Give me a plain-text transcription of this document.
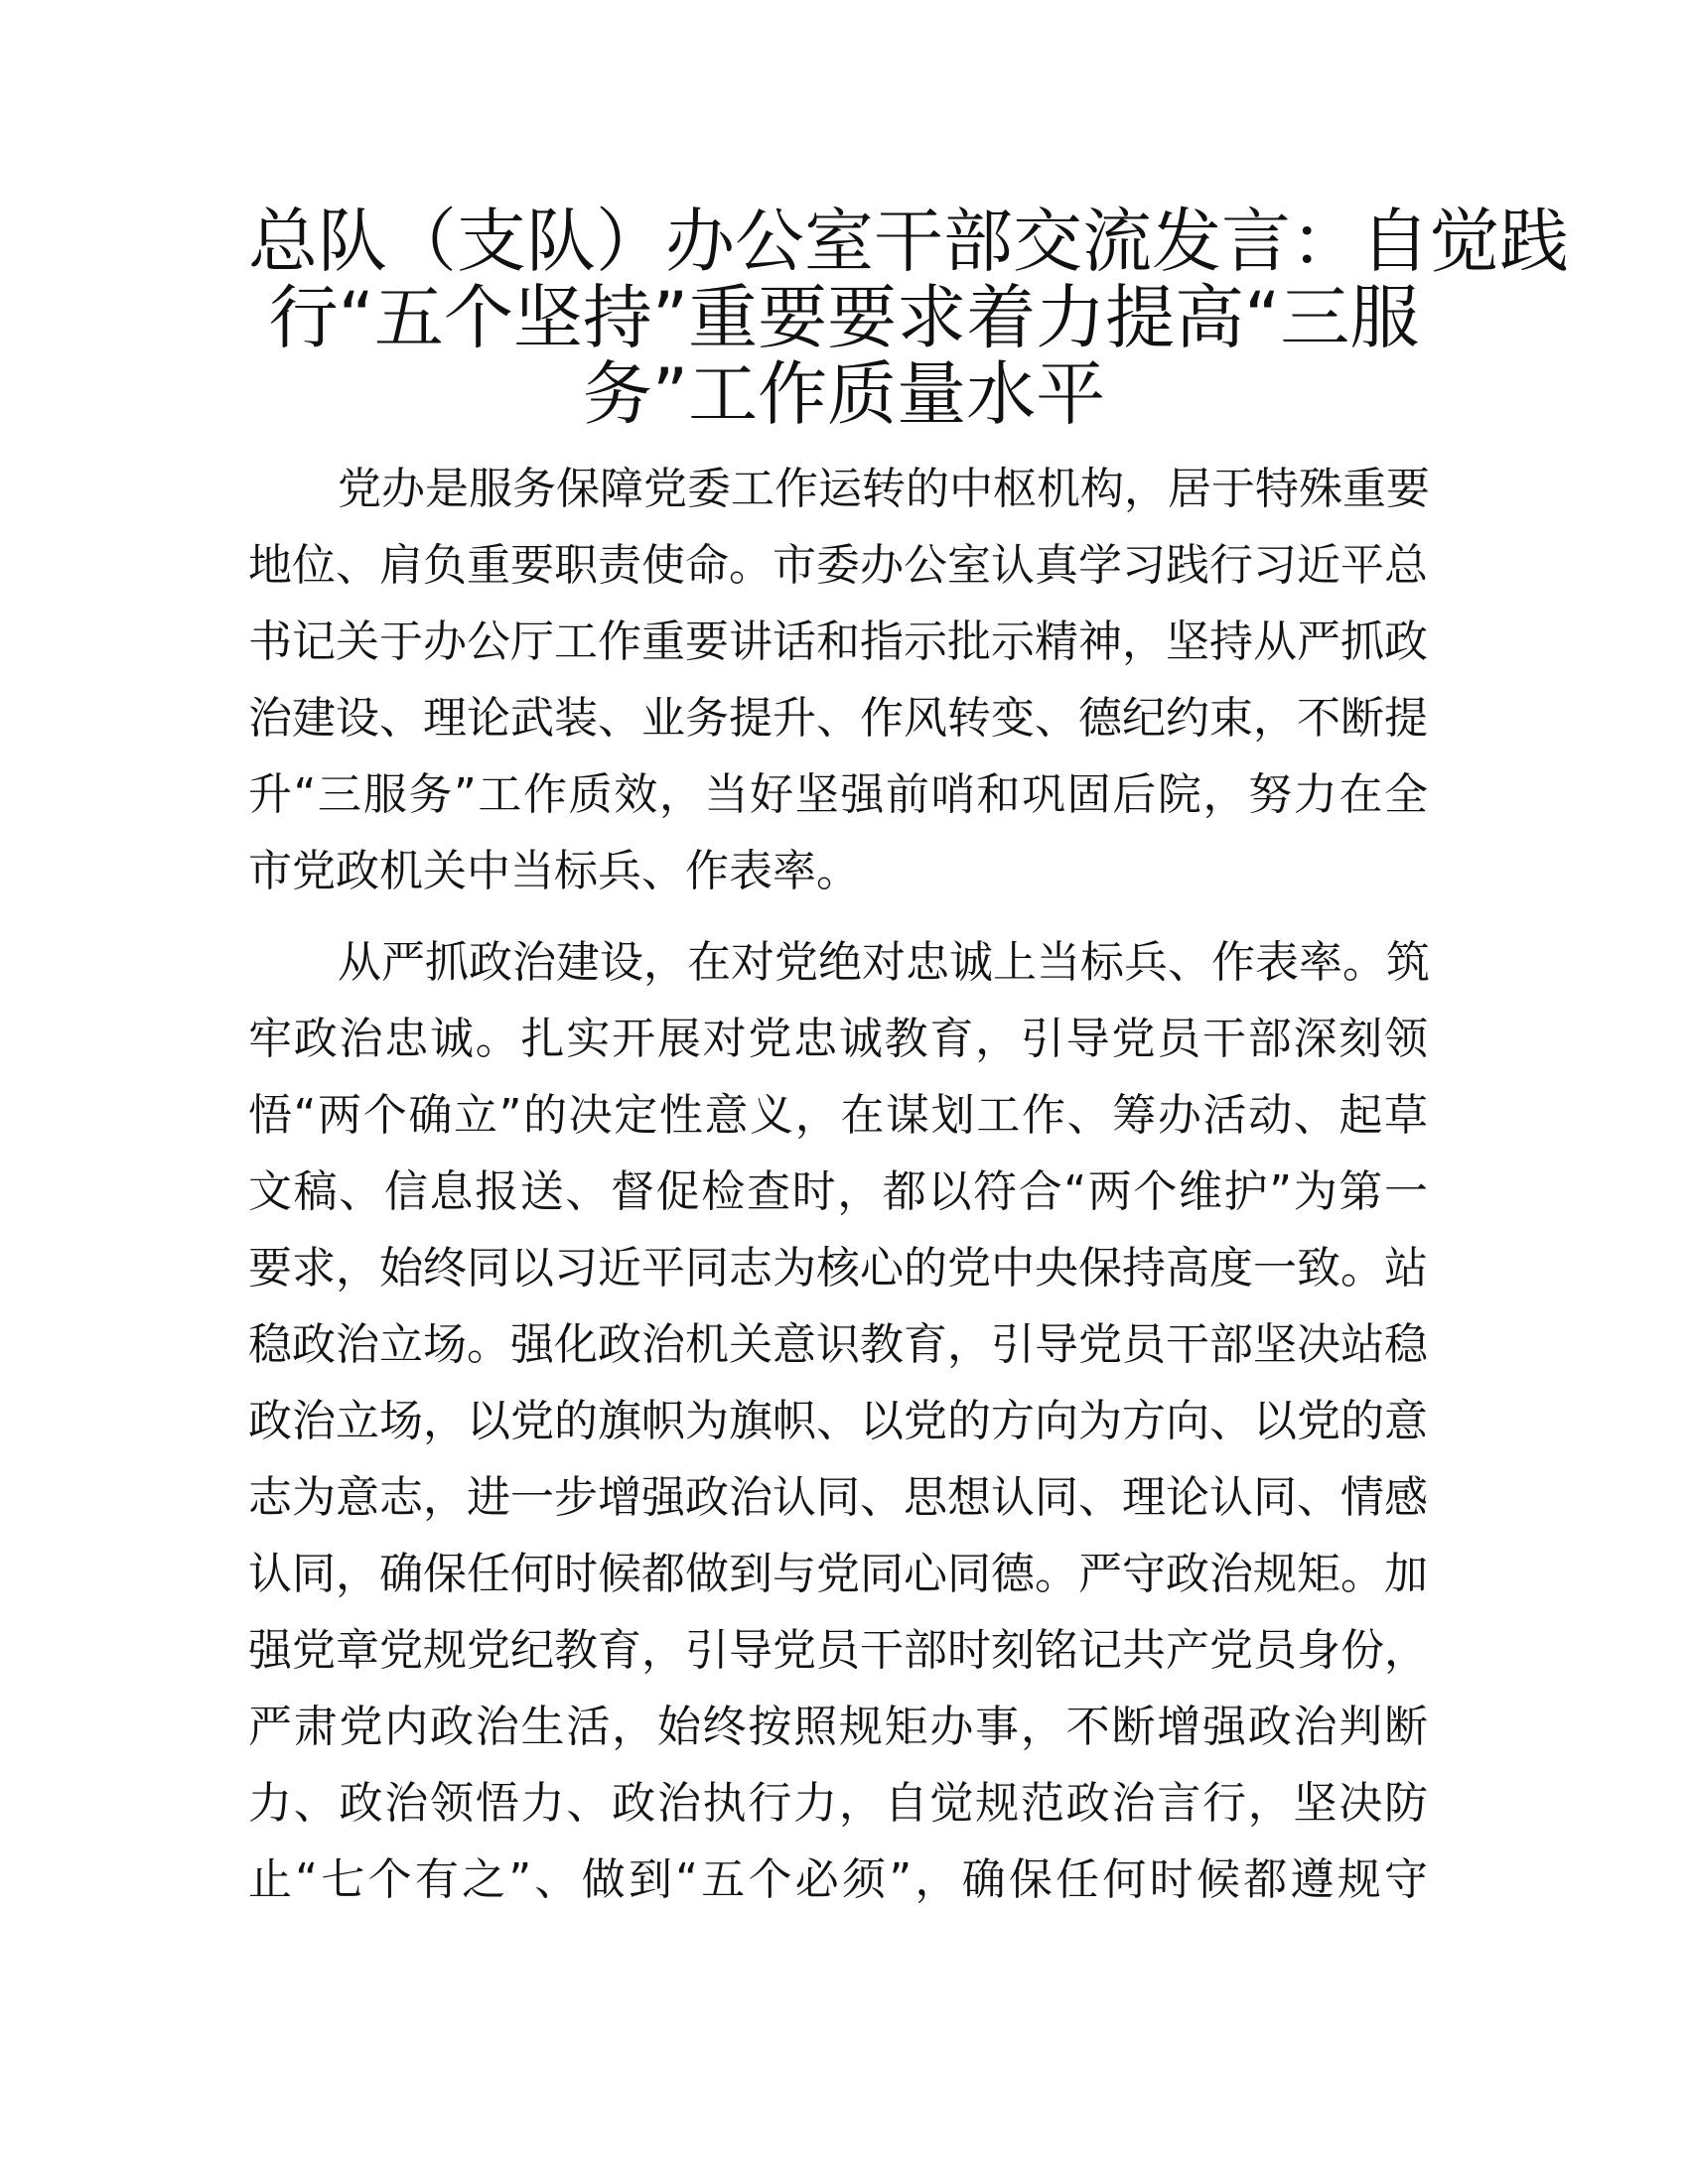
总队（支队）办公室干部交流发言：自觉践
行“五个坚持”重要要求着力提高“三服
务”工作质量水平
党办是服务保障党委工作运转的中枢机构，居于特殊重要
地位、肩负重要职责使命。市委办公室认真学习践行习近平总
书记关于办公厅工作重要讲话和指示批示精神，坚持从严抓政
治建设、理论武装、业务提升、作风转变、德纪约束，不断提
升“三服务”工作质效，当好坚强前哨和巩固后院，努力在全
市党政机关中当标兵、作表率。
从严抓政治建设，在对党绝对忠诚上当标兵、作表率。筑
牢政治忠诚。扎实开展对党忠诚教育，引导党员干部深刻领
悟“两个确立”的决定性意义，在谋划工作、筹办活动、起草
文稿、信息报送、督促检查时，都以符合“两个维护”为第一
要求，始终同以习近平同志为核心的党中央保持高度一致。站
稳政治立场。强化政治机关意识教育，引导党员干部坚决站稳
政治立场，以党的旗帜为旗帜、以党的方向为方向、以党的意
志为意志，进一步增强政治认同、思想认同、理论认同、情感
认同，确保任何时候都做到与党同心同德。严守政治规矩。加
强党章党规党纪教育，引导党员干部时刻铭记共产党员身份，
严肃党内政治生活，始终按照规矩办事，不断增强政治判断
力、政治领悟力、政治执行力，自觉规范政治言行，坚决防
止“七个有之”、做到“五个必须”，确保任何时候都遵规守
